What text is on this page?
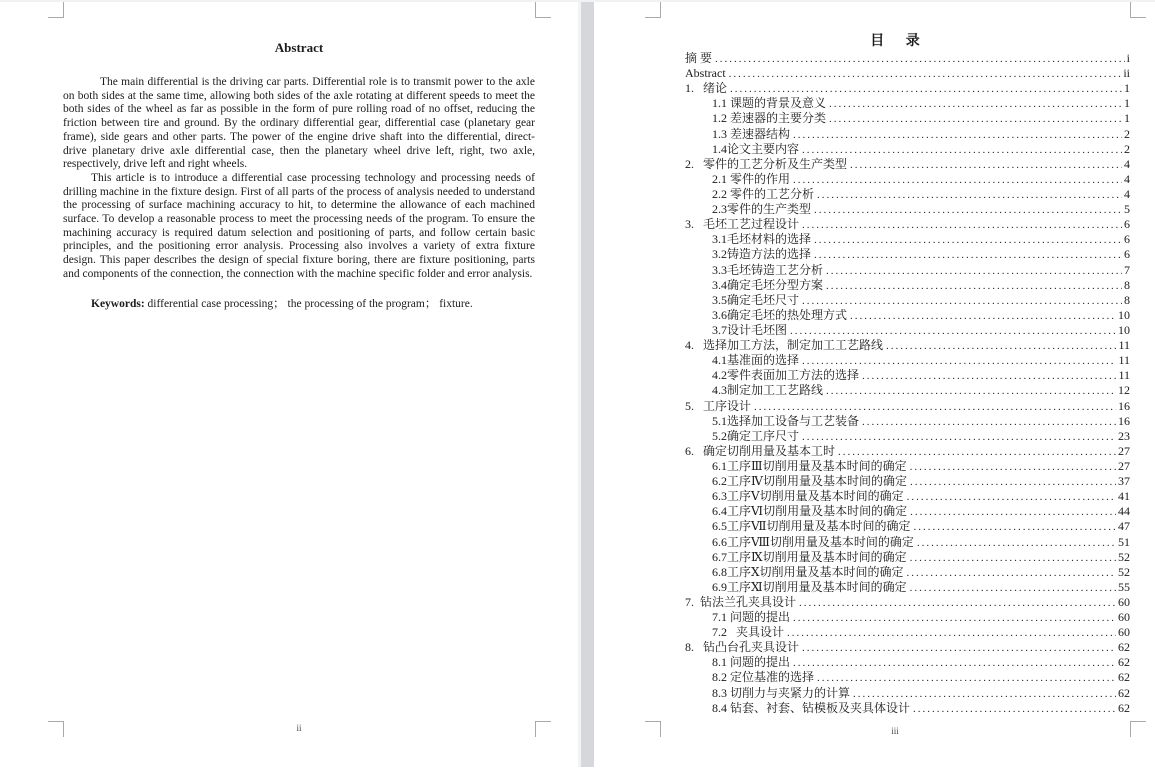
Abstract

The main differential is the driving car parts. Differential role is to transmit power to the axle on both sides at the same time, allowing both sides of the axle rotating at different speeds to meet the both sides of the wheel as far as possible in the form of pure rolling road of no offset, reducing the friction between tire and ground. By the ordinary differential gear, differential case (planetary gear frame), side gears and other parts. The power of the engine drive shaft into the differential, direct-drive planetary drive axle differential case, then the planetary wheel drive left, right, two axle, respectively, drive left and right wheels.

This article is to introduce a differential case processing technology and processing needs of drilling machine in the fixture design. First of all parts of the process of analysis needed to understand the processing of surface machining accuracy to hit, to determine the allowance of each machined surface. To develop a reasonable process to meet the processing needs of the program. To ensure the machining accuracy is required datum selection and positioning of parts, and follow certain basic principles, and the positioning error analysis. Processing also involves a variety of extra fixture design. This paper describes the design of special fixture boring, there are fixture positioning, parts and components of the connection, the connection with the machine specific folder and error analysis.

Keywords: differential case processing； the processing of the program； fixture.

ii
目 录
摘 要 .....	i
Abstract .....	ii
1.   绪论 .....	1
1.1 课题的背景及意义 .....	1
1.2 差速器的主要分类 .....	1
1.3 差速器结构 .....	2
1.4论文主要内容 .....	2
2.   零件的工艺分析及生产类型 .....	4
2.1 零件的作用 .....	4
2.2 零件的工艺分析 .....	4
2.3零件的生产类型 .....	5
3.   毛坯工艺过程设计 .....	6
3.1毛坯材料的选择 .....	6
3.2铸造方法的选择 .....	6
3.3毛坯铸造工艺分析 .....	7
3.4确定毛坯分型方案 .....	8
3.5确定毛坯尺寸 .....	8
3.6确定毛坯的热处理方式 .....	10
3.7设计毛坯图 .....	10
4.   选择加工方法，制定加工工艺路线 .....	11
4.1基准面的选择 .....	11
4.2零件表面加工方法的选择 .....	11
4.3制定加工工艺路线 .....	12
5.   工序设计 .....	16
5.1选择加工设备与工艺装备 .....	16
5.2确定工序尺寸 .....	23
6.   确定切削用量及基本工时 .....	27
6.1工序Ⅲ切削用量及基本时间的确定 .....	27
6.2工序Ⅳ切削用量及基本时间的确定 .....	37
6.3工序Ⅴ切削用量及基本时间的确定 .....	41
6.4工序Ⅵ切削用量及基本时间的确定 .....	44
6.5工序Ⅶ切削用量及基本时间的确定 .....	47
6.6工序Ⅷ切削用量及基本时间的确定 .....	51
6.7工序Ⅸ切削用量及基本时间的确定 .....	52
6.8工序Ⅹ切削用量及基本时间的确定 .....	52
6.9工序Ⅺ切削用量及基本时间的确定 .....	55
7.  钻法兰孔夹具设计 .....	60
7.1 问题的提出 .....	60
7.2   夹具设计 .....	60
8.   钻凸台孔夹具设计 .....	62
8.1 问题的提出 .....	62
8.2 定位基准的选择 .....	62
8.3 切削力与夹紧力的计算 .....	62
8.4 钻套、衬套、钻模板及夹具体设计 .....	62
iii
